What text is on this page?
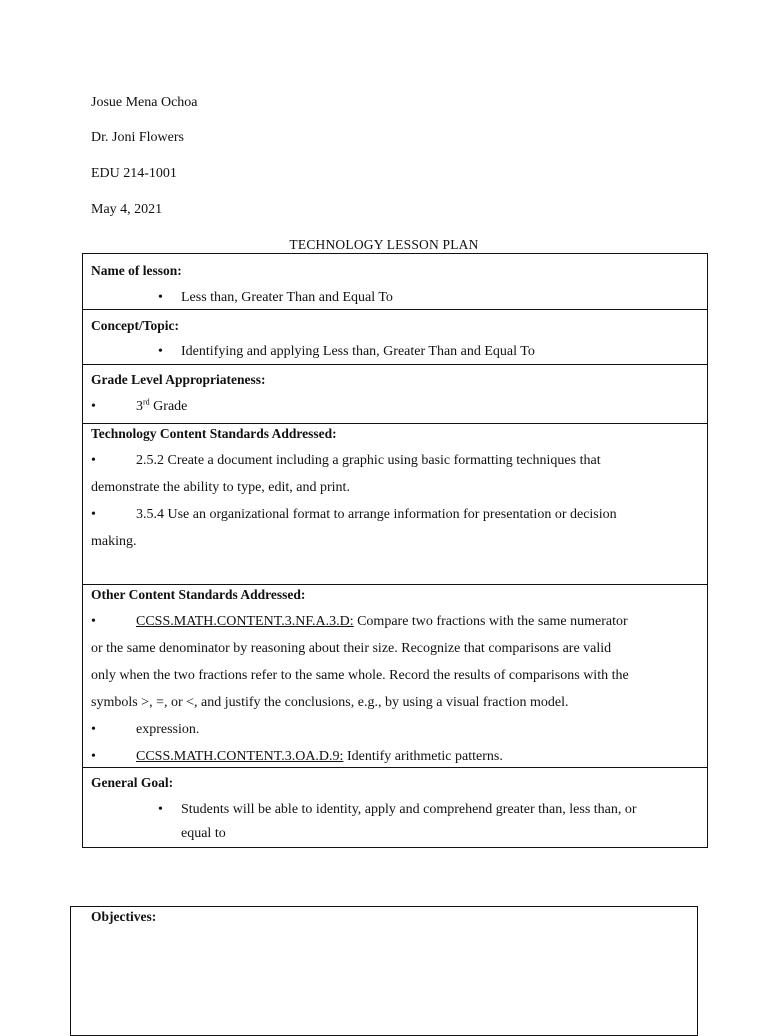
Josue Mena Ochoa

Dr. Joni Flowers

EDU 214-1001

May 4, 2021

TECHNOLOGY LESSON PLAN
Name of lesson:
• Less than, Greater Than and Equal To
Concept/Topic:
• Identifying and applying Less than, Greater Than and Equal To
Grade Level Appropriateness:
•	3rd Grade
Technology Content Standards Addressed:
•	2.5.2 Create a document including a graphic using basic formatting techniques that
demonstrate the ability to type, edit, and print.
•	3.5.4 Use an organizational format to arrange information for presentation or decision
making.
Other Content Standards Addressed:
•	CCSS.MATH.CONTENT.3.NF.A.3.D: Compare two fractions with the same numerator
or the same denominator by reasoning about their size. Recognize that comparisons are valid
only when the two fractions refer to the same whole. Record the results of comparisons with the
symbols >, =, or <, and justify the conclusions, e.g., by using a visual fraction model.
•	expression.
•	CCSS.MATH.CONTENT.3.OA.D.9: Identify arithmetic patterns.
General Goal:
• Students will be able to identity, apply and comprehend greater than, less than, or
equal to
Objectives:
